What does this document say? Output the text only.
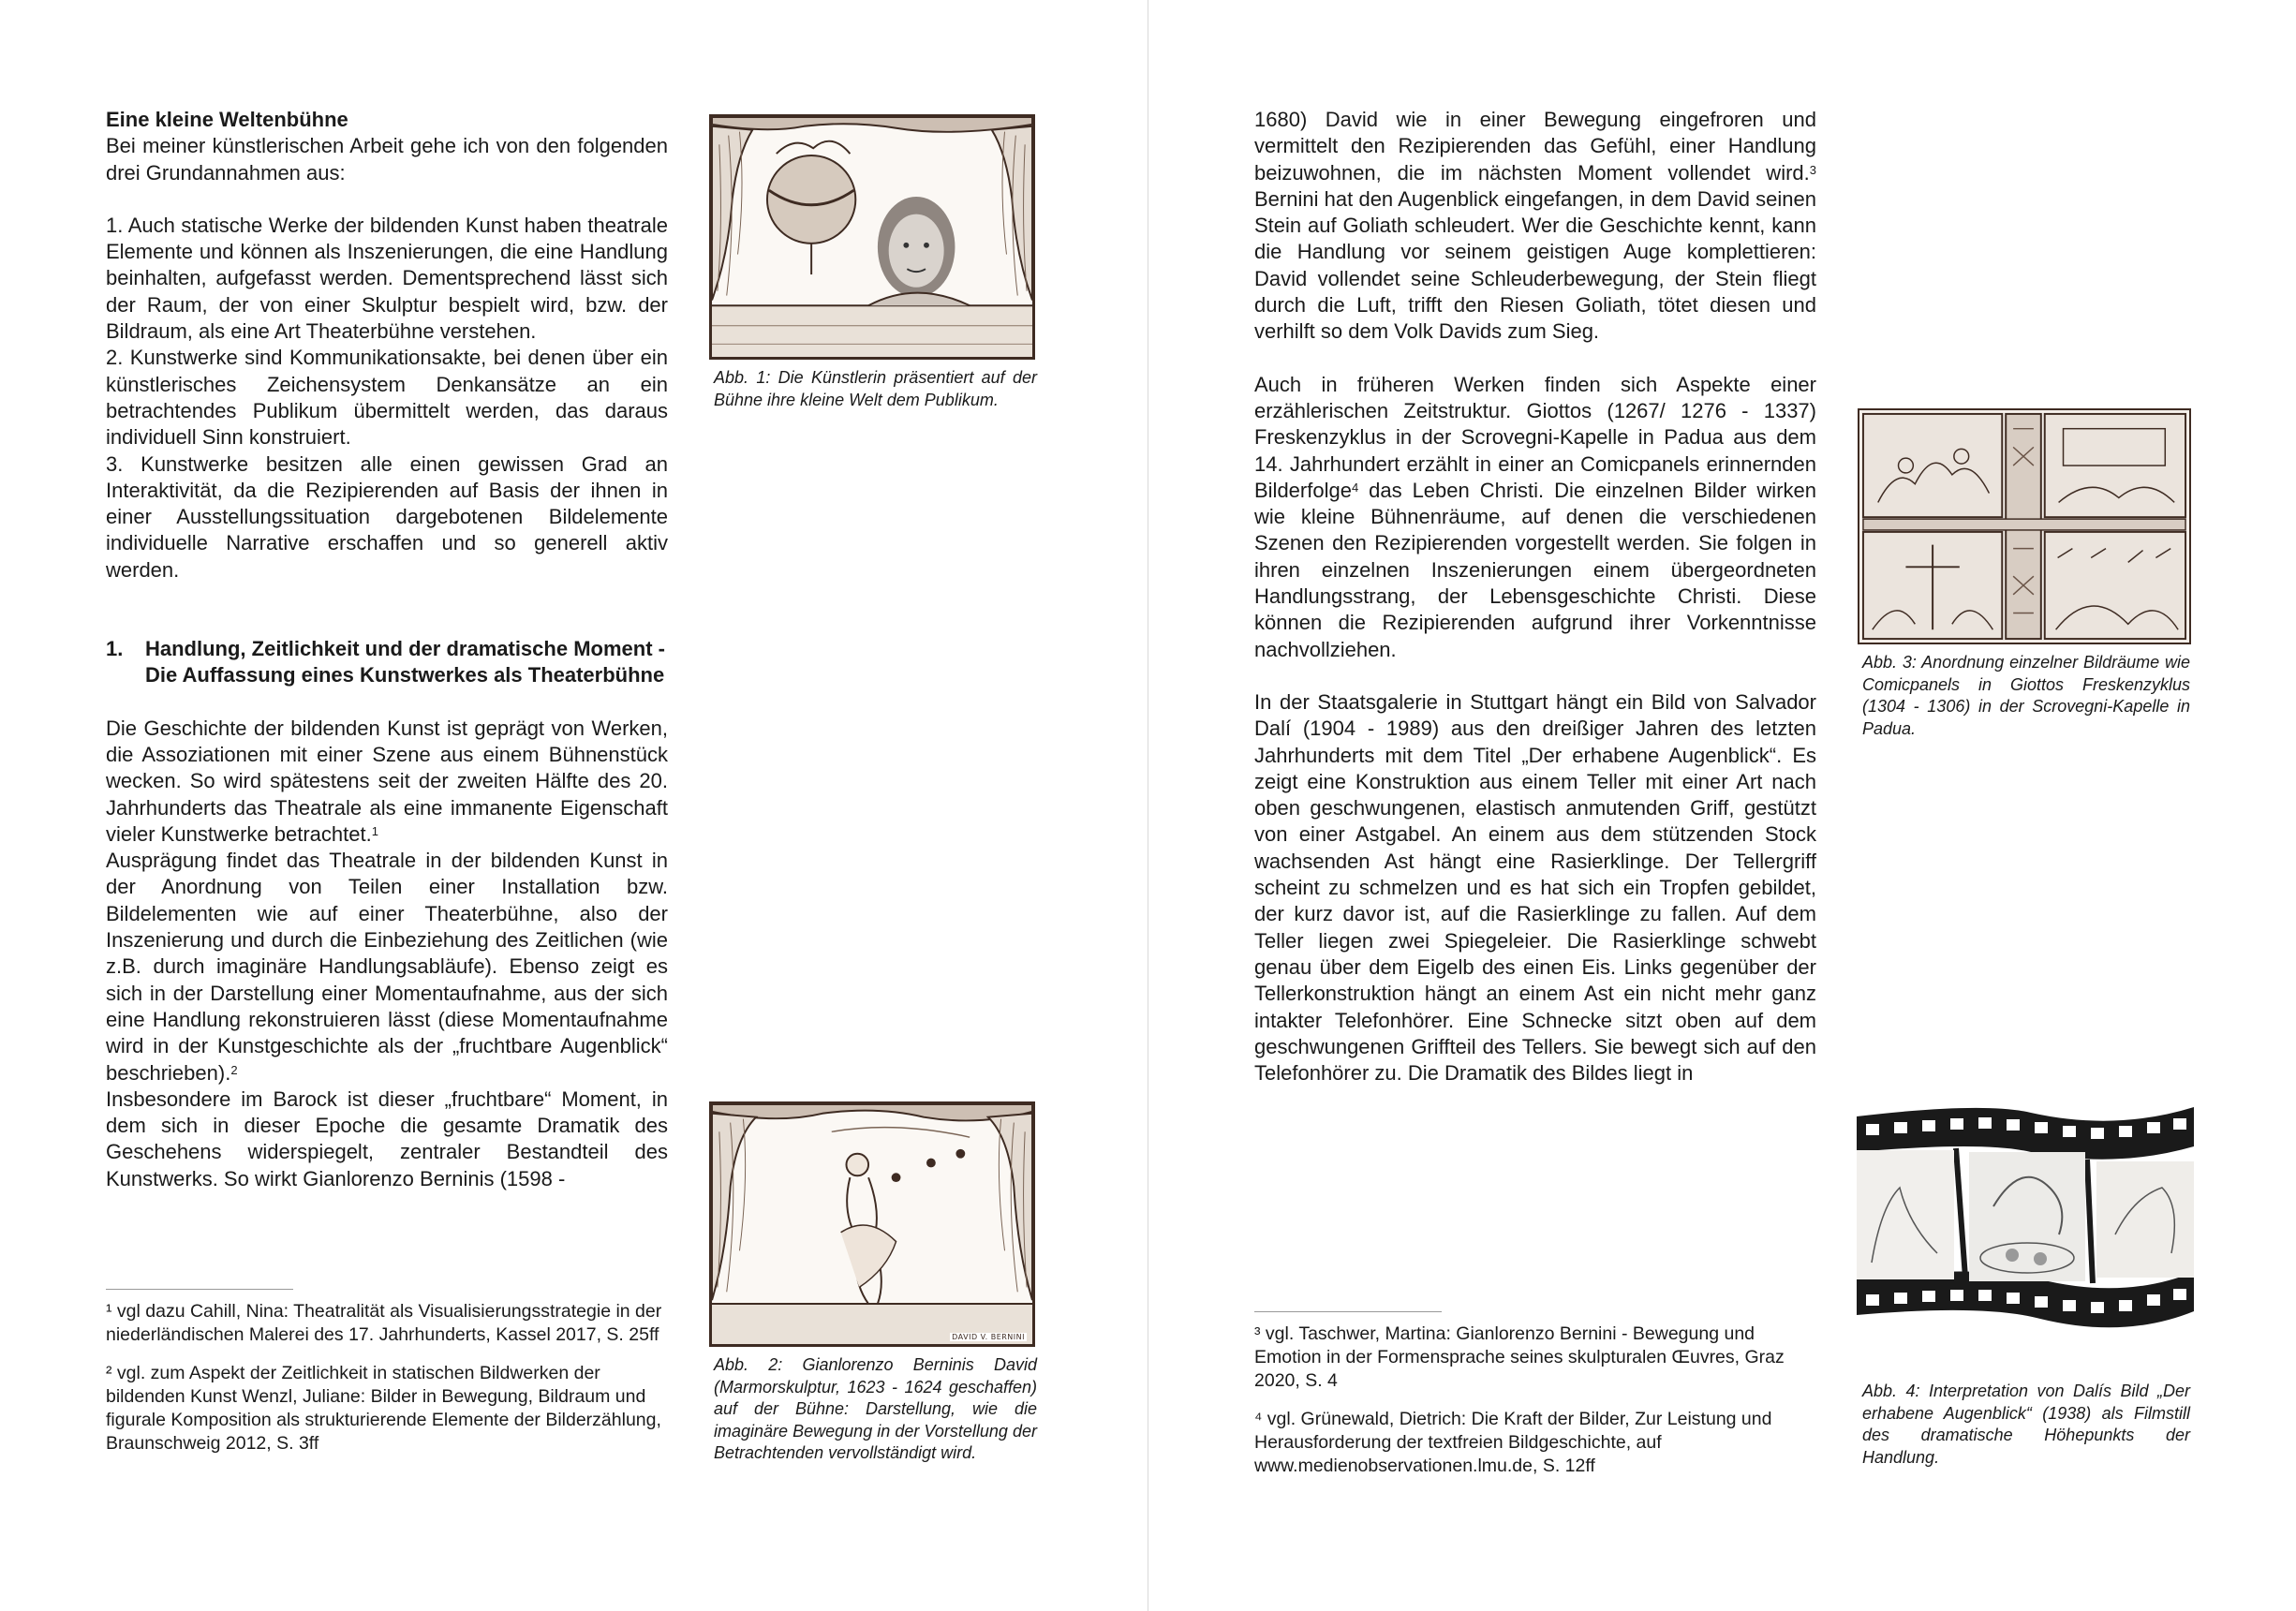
Eine kleine Weltenbühne

Bei meiner künstlerischen Arbeit gehe ich von den folgenden drei Grundannahmen aus:

1. Auch statische Werke der bildenden Kunst haben theatrale Elemente und können als Inszenierungen, die eine Handlung beinhalten, aufgefasst werden. Dementsprechend lässt sich der Raum, der von einer Skulptur bespielt wird, bzw. der Bildraum, als eine Art Theaterbühne verstehen.

2. Kunstwerke sind Kommunikationsakte, bei denen über ein künstlerisches Zeichensystem Denkansätze an ein betrachtendes Publikum übermittelt werden, das daraus individuell Sinn konstruiert.

3. Kunstwerke besitzen alle einen gewissen Grad an Interaktivität, da die Rezipierenden auf Basis der ihnen in einer Ausstellungssituation dargebotenen Bildelemente individuelle Narrative erschaffen und so generell aktiv werden.

1.	Handlung, Zeitlichkeit und der dramatische Moment - Die Auffassung eines Kunstwerkes als Theaterbühne

Die Geschichte der bildenden Kunst ist geprägt von Werken, die Assoziationen mit einer Szene aus einem Bühnenstück wecken. So wird spätestens seit der zweiten Hälfte des 20. Jahrhunderts das Theatrale als eine immanente Eigenschaft vieler Kunstwerke betrachtet.$^1$

Ausprägung findet das Theatrale in der bildenden Kunst in der Anordnung von Teilen einer Installation bzw. Bildelementen wie auf einer Theaterbühne, also der Inszenierung und durch die Einbeziehung des Zeitlichen (wie z.B. durch imaginäre Handlungsabläufe). Ebenso zeigt es sich in der Darstellung einer Momentaufnahme, aus der sich eine Handlung rekonstruieren lässt (diese Momentaufnahme wird in der Kunstgeschichte als der „fruchtbare Augenblick“ beschrieben).$^2$

Insbesondere im Barock ist dieser „fruchtbare“ Moment, in dem sich in dieser Epoche die gesamte Dramatik des Geschehens widerspiegelt, zentraler Bestandteil des Kunstwerks. So wirkt Gianlorenzo Berninis (1598 -

¹ vgl dazu Cahill, Nina: Theatralität als Visualisierungsstrategie in der niederländischen Malerei des 17. Jahrhunderts, Kassel 2017, S. 25ff

² vgl. zum Aspekt der Zeitlichkeit in statischen Bildwerken der bildenden Kunst Wenzl, Juliane: Bilder in Bewegung, Bildraum und figurale Komposition als strukturierende Elemente der Bilderzählung, Braunschweig 2012, S. 3ff

Abb. 1: Die Künstlerin präsentiert auf der Bühne ihre kleine Welt dem Publikum.
DAVID V. BERNINI
Abb. 2: Gianlorenzo Berninis David (Marmorskulptur, 1623 - 1624 geschaffen) auf der Bühne: Darstellung, wie die imaginäre Bewegung in der Vorstellung der Betrachtenden vervollständigt wird.

1680) David wie in einer Bewegung eingefroren und vermittelt den Rezipierenden das Gefühl, einer Handlung beizuwohnen, die im nächsten Moment vollendet wird.$^3$ Bernini hat den Augenblick eingefangen, in dem David seinen Stein auf Goliath schleudert. Wer die Geschichte kennt, kann die Handlung vor seinem geistigen Auge komplettieren: David vollendet seine Schleuderbewegung, der Stein fliegt durch die Luft, trifft den Riesen Goliath, tötet diesen und verhilft so dem Volk Davids zum Sieg.

Auch in früheren Werken finden sich Aspekte einer erzählerischen Zeitstruktur. Giottos (1267/ 1276 - 1337) Freskenzyklus in der Scrovegni-Kapelle in Padua aus dem 14. Jahrhundert erzählt in einer an Comicpanels erinnernden Bilderfolge$^4$ das Leben Christi. Die einzelnen Bilder wirken wie kleine Bühnenräume, auf denen die verschiedenen Szenen den Rezipierenden vorgestellt werden. Sie folgen in ihren einzelnen Inszenierungen einem übergeordneten Handlungsstrang, der Lebensgeschichte Christi. Diese können die Rezipierenden aufgrund ihrer Vorkenntnisse nachvollziehen.

In der Staatsgalerie in Stuttgart hängt ein Bild von Salvador Dalí (1904 - 1989) aus den dreißiger Jahren des letzten Jahrhunderts mit dem Titel „Der erhabene Augenblick“. Es zeigt eine Konstruktion aus einem Teller mit einer Art nach oben geschwungenen, elastisch anmutenden Griff, gestützt von einer Astgabel. An einem aus dem stützenden Stock wachsenden Ast hängt eine Rasierklinge. Der Tellergriff scheint zu schmelzen und es hat sich ein Tropfen gebildet, der kurz davor ist, auf die Rasierklinge zu fallen. Auf dem Teller liegen zwei Spiegeleier. Die Rasierklinge schwebt genau über dem Eigelb des einen Eis. Links gegenüber der Tellerkonstruktion hängt an einem Ast ein nicht mehr ganz intakter Telefonhörer. Eine Schnecke sitzt oben auf dem geschwungenen Griffteil des Tellers. Sie bewegt sich auf den Telefonhörer zu. Die Dramatik des Bildes liegt in

³ vgl. Taschwer, Martina: Gianlorenzo Bernini - Bewegung und Emotion in der Formensprache seines skulpturalen Œuvres, Graz 2020, S. 4

⁴ vgl. Grünewald, Dietrich: Die Kraft der Bilder, Zur Leistung und Herausforderung der textfreien Bildgeschichte, auf www.medienobservationen.lmu.de, S. 12ff

Abb. 3: Anordnung einzelner Bildräume wie Comicpanels in Giottos Freskenzyklus (1304 - 1306) in der Scrovegni-Kapelle in Padua.
Abb. 4: Interpretation von Dalís Bild „Der erhabene Augenblick“ (1938) als Filmstill des dramatische Höhepunkts der Handlung.
